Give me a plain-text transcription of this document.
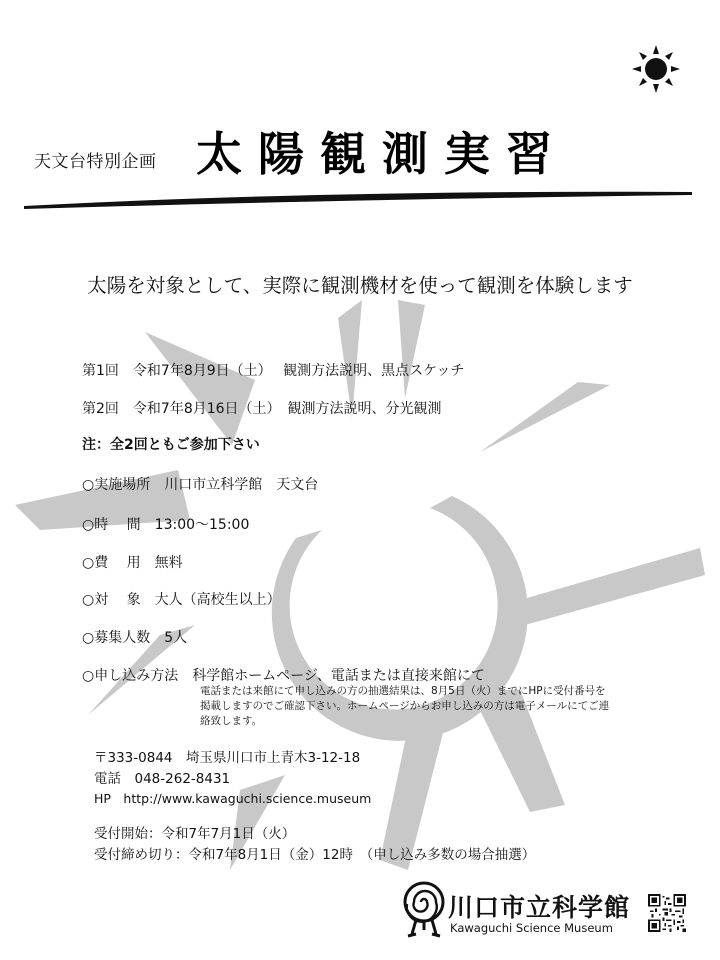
天文台特別企画 太陽観測実習
太陽を対象として、実際に観測機材を使って観測を体験します
第1回　令和7年8月9日（土）　 観測方法説明、黒点スケッチ
第2回　令和7年8月16日（土）　観測方法説明、分光観測
注：全2回ともご参加下さい
○実施場所　川口市立科学館　天文台
○時　 間　13:00～15:00
○費　 用　無料
○対　 象　大人（高校生以上）
○募集人数　5人
○申し込み方法　科学館ホームページ、電話または直接来館にて
電話または来館にて申し込みの方の抽選結果は、8月5日（火）までにHPに受付番号を
掲載しますのでご確認下さい。ホームページからお申し込みの方は電子メールにてご連
絡致します。
〒333-0844　埼玉県川口市上青木3-12-18
電話　048-262-8431
HP　http://www.kawaguchi.science.museum
受付開始：令和7年7月1日（火）
受付締め切り：令和7年8月1日（金）12時　（申し込み多数の場合抽選）
川口市立科学館
Kawaguchi Science Museum
